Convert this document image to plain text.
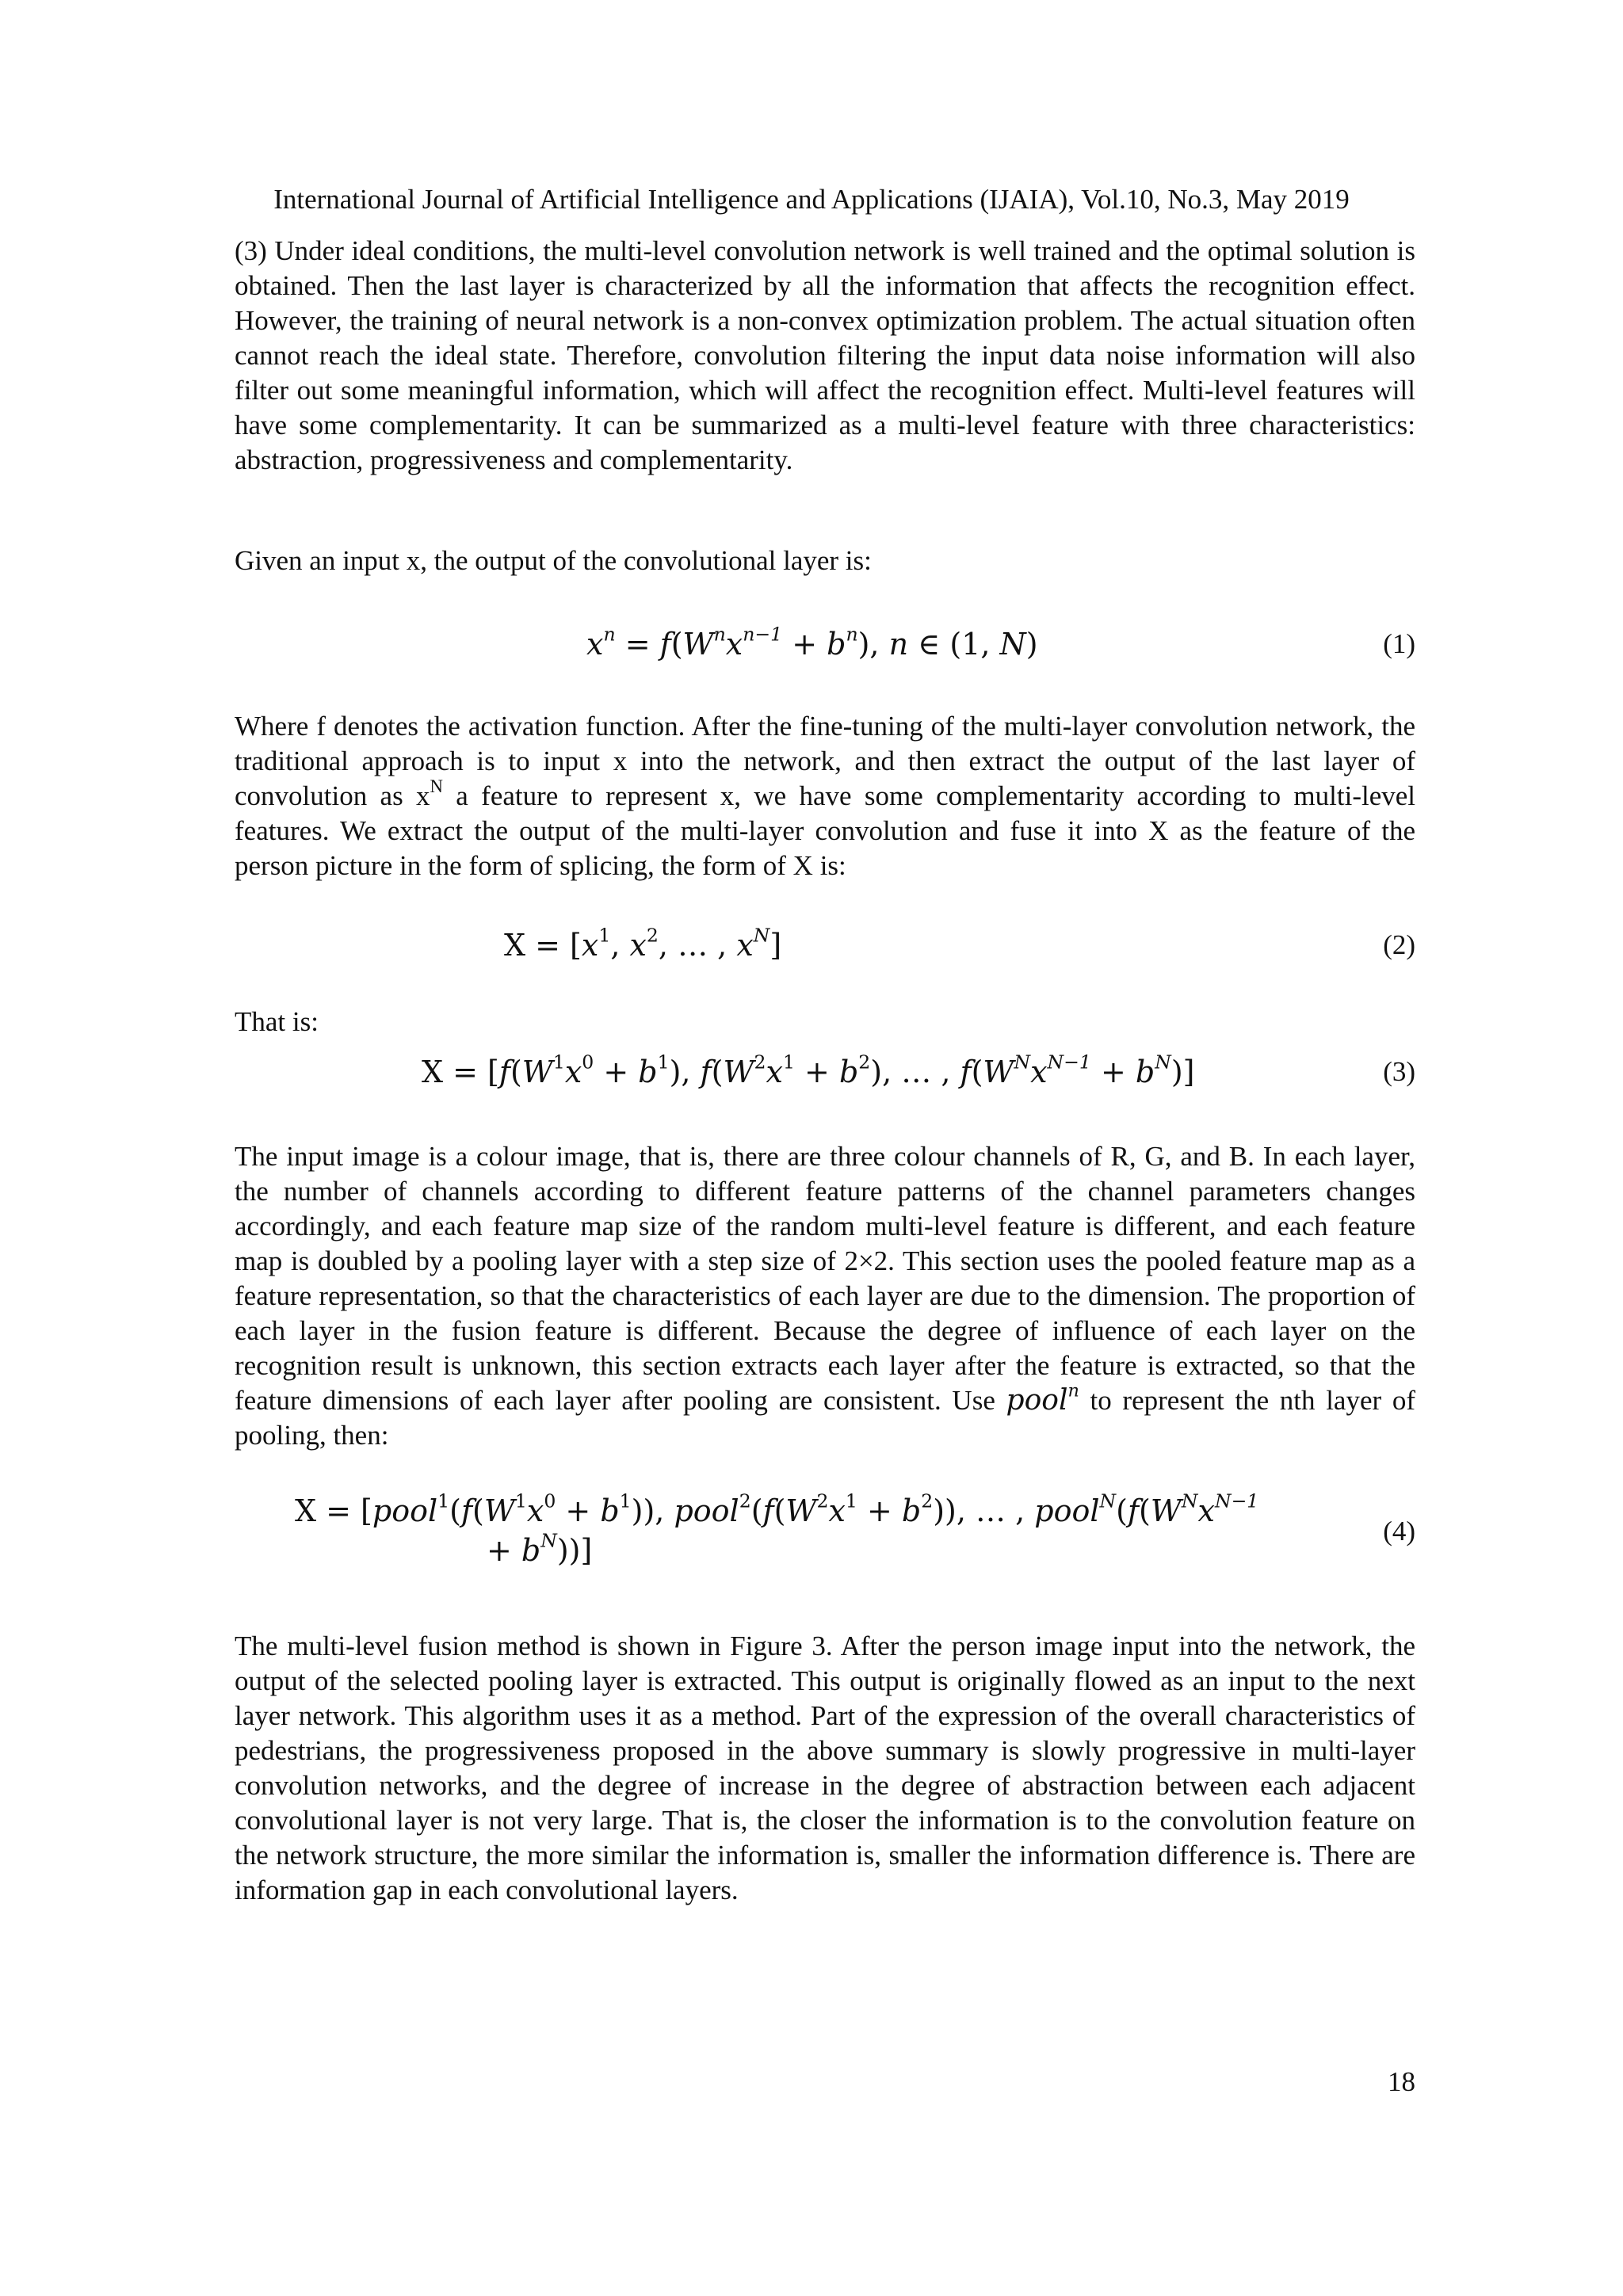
International Journal of Artificial Intelligence and Applications (IJAIA), Vol.10, No.3, May 2019

(3) Under ideal conditions, the multi-level convolution network is well trained and the optimal solution is obtained. Then the last layer is characterized by all the information that affects the recognition effect. However, the training of neural network is a non-convex optimization problem. The actual situation often cannot reach the ideal state. Therefore, convolution filtering the input data noise information will also filter out some meaningful information, which will affect the recognition effect. Multi-level features will have some complementarity. It can be summarized as a multi-level feature with three characteristics: abstraction, progressiveness and complementarity.

Given an input x, the output of the convolutional layer is:

$x^n = f(W^nx^{n-1} + b^n)$, n ∈ (1, N)	(1)

Where f denotes the activation function. After the fine-tuning of the multi-layer convolution network, the traditional approach is to input x into the network, and then extract the output of the last layer of convolution as $x^N$ a feature to represent x, we have some complementarity according to multi-level features. We extract the output of the multi-layer convolution and fuse it into X as the feature of the person picture in the form of splicing, the form of X is:

$X = [x^1$, $x^2$, … , $x^N$]	(2)

That is:

$X = [f(W^1x^0 + b^1)$, $f(W^2x^1 + b^2)$, … , $f(W^Nx^{N-1} + b^N)$]	(3)

The input image is a colour image, that is, there are three colour channels of R, G, and B. In each layer, the number of channels according to different feature patterns of the channel parameters changes accordingly, and each feature map size of the random multi-level feature is different, and each feature map is doubled by a pooling layer with a step size of 2×2. This section uses the pooled feature map as a feature representation, so that the characteristics of each layer are due to the dimension. The proportion of each layer in the fusion feature is different. Because the degree of influence of each layer on the recognition result is unknown, this section extracts each layer after the feature is extracted, so that the feature dimensions of each layer after pooling are consistent. Use pool$^n$ to represent the nth layer of pooling, then:

$X = [pool^1(f(W^1x^0 + b^1))$, $pool^2(f(W^2x^1 + b^2))$, … , $pool^N(f(W^Nx^{N-1}$
+ $b^N$))]
(4)

The multi-level fusion method is shown in Figure 3. After the person image input into the network, the output of the selected pooling layer is extracted. This output is originally flowed as an input to the next layer network. This algorithm uses it as a method. Part of the expression of the overall characteristics of pedestrians, the progressiveness proposed in the above summary is slowly progressive in multi-layer convolution networks, and the degree of increase in the degree of abstraction between each adjacent convolutional layer is not very large. That is, the closer the information is to the convolution feature on the network structure, the more similar the information is, smaller the information difference is. There are information gap in each convolutional layers.

18
